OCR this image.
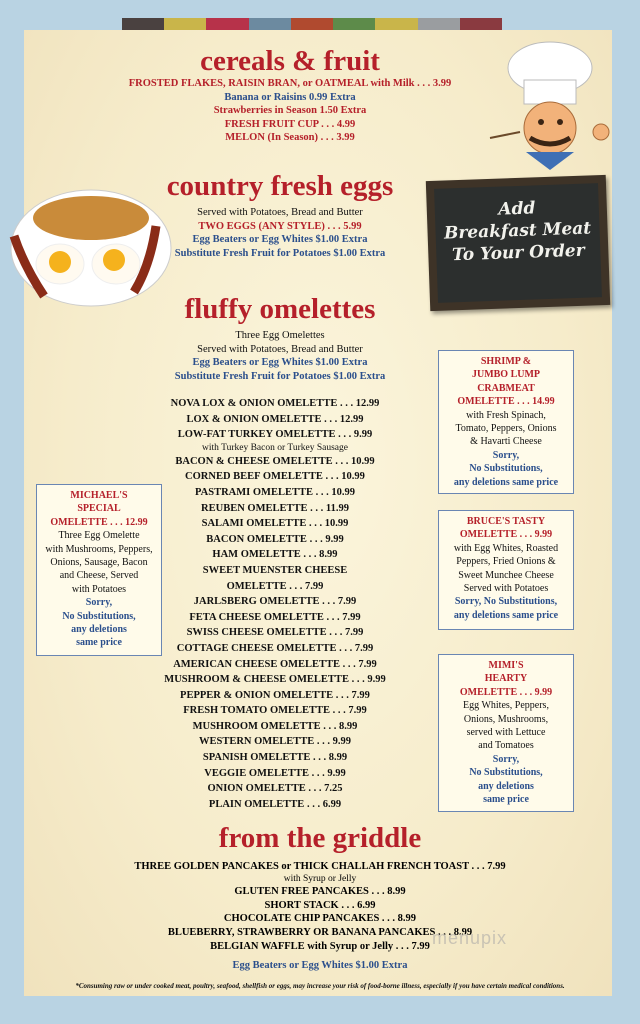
Add
Breakfast Meat
To Your Order
cereals & fruit
FROSTED FLAKES, RAISIN BRAN, or OATMEAL with Milk . . . 3.99
Banana or Raisins 0.99 Extra
Strawberries in Season 1.50 Extra
FRESH FRUIT CUP . . . 4.99
MELON (In Season) . . . 3.99
country fresh eggs
Served with Potatoes, Bread and Butter
TWO EGGS (ANY STYLE) . . . 5.99
Egg Beaters or Egg Whites $1.00 Extra
Substitute Fresh Fruit for Potatoes $1.00 Extra
fluffy omelettes
Three Egg Omelettes
Served with Potatoes, Bread and Butter
Egg Beaters or Egg Whites $1.00 Extra
Substitute Fresh Fruit for Potatoes $1.00 Extra
NOVA LOX & ONION OMELETTE . . . 12.99
LOX & ONION OMELETTE . . . 12.99
LOW-FAT TURKEY OMELETTE . . . 9.99
with Turkey Bacon or Turkey Sausage
BACON & CHEESE OMELETTE . . . 10.99
CORNED BEEF OMELETTE . . . 10.99
PASTRAMI OMELETTE . . . 10.99
REUBEN OMELETTE . . . 11.99
SALAMI OMELETTE . . . 10.99
BACON OMELETTE . . . 9.99
HAM OMELETTE . . . 8.99
SWEET MUENSTER CHEESE
OMELETTE . . . 7.99
JARLSBERG OMELETTE . . . 7.99
FETA CHEESE OMELETTE . . . 7.99
SWISS CHEESE OMELETTE . . . 7.99
COTTAGE CHEESE OMELETTE . . . 7.99
AMERICAN CHEESE OMELETTE . . . 7.99
MUSHROOM & CHEESE OMELETTE . . . 9.99
PEPPER & ONION OMELETTE . . . 7.99
FRESH TOMATO OMELETTE . . . 7.99
MUSHROOM OMELETTE . . . 8.99
WESTERN OMELETTE . . . 9.99
SPANISH OMELETTE . . . 8.99
VEGGIE OMELETTE . . . 9.99
ONION OMELETTE . . . 7.25
PLAIN OMELETTE . . . 6.99
MICHAEL'S
SPECIAL
OMELETTE . . . 12.99
Three Egg Omelette
with Mushrooms, Peppers,
Onions, Sausage, Bacon
and Cheese, Served
with Potatoes
Sorry,
No Substitutions,
any deletions
same price
SHRIMP &
JUMBO LUMP
CRABMEAT
OMELETTE . . . 14.99
with Fresh Spinach,
Tomato, Peppers, Onions
& Havarti Cheese
Sorry,
No Substitutions,
any deletions same price
BRUCE'S TASTY
OMELETTE . . . 9.99
with Egg Whites, Roasted
Peppers, Fried Onions &
Sweet Munchee Cheese
Served with Potatoes
Sorry, No Substitutions,
any deletions same price
MIMI'S
HEARTY
OMELETTE . . . 9.99
Egg Whites, Peppers,
Onions, Mushrooms,
served with Lettuce
and Tomatoes
Sorry,
No Substitutions,
any deletions
same price
from the griddle
THREE GOLDEN PANCAKES or THICK CHALLAH FRENCH TOAST . . . 7.99
with Syrup or Jelly
GLUTEN FREE PANCAKES . . . 8.99
SHORT STACK . . . 6.99
CHOCOLATE CHIP PANCAKES . . . 8.99
BLUEBERRY, STRAWBERRY OR BANANA PANCAKES . . . 8.99
BELGIAN WAFFLE with Syrup or Jelly . . . 7.99
Egg Beaters or Egg Whites $1.00 Extra
menupix
*Consuming raw or under cooked meat, poultry, seafood, shellfish or eggs, may increase your risk of food-borne illness, especially if you have certain medical conditions.
